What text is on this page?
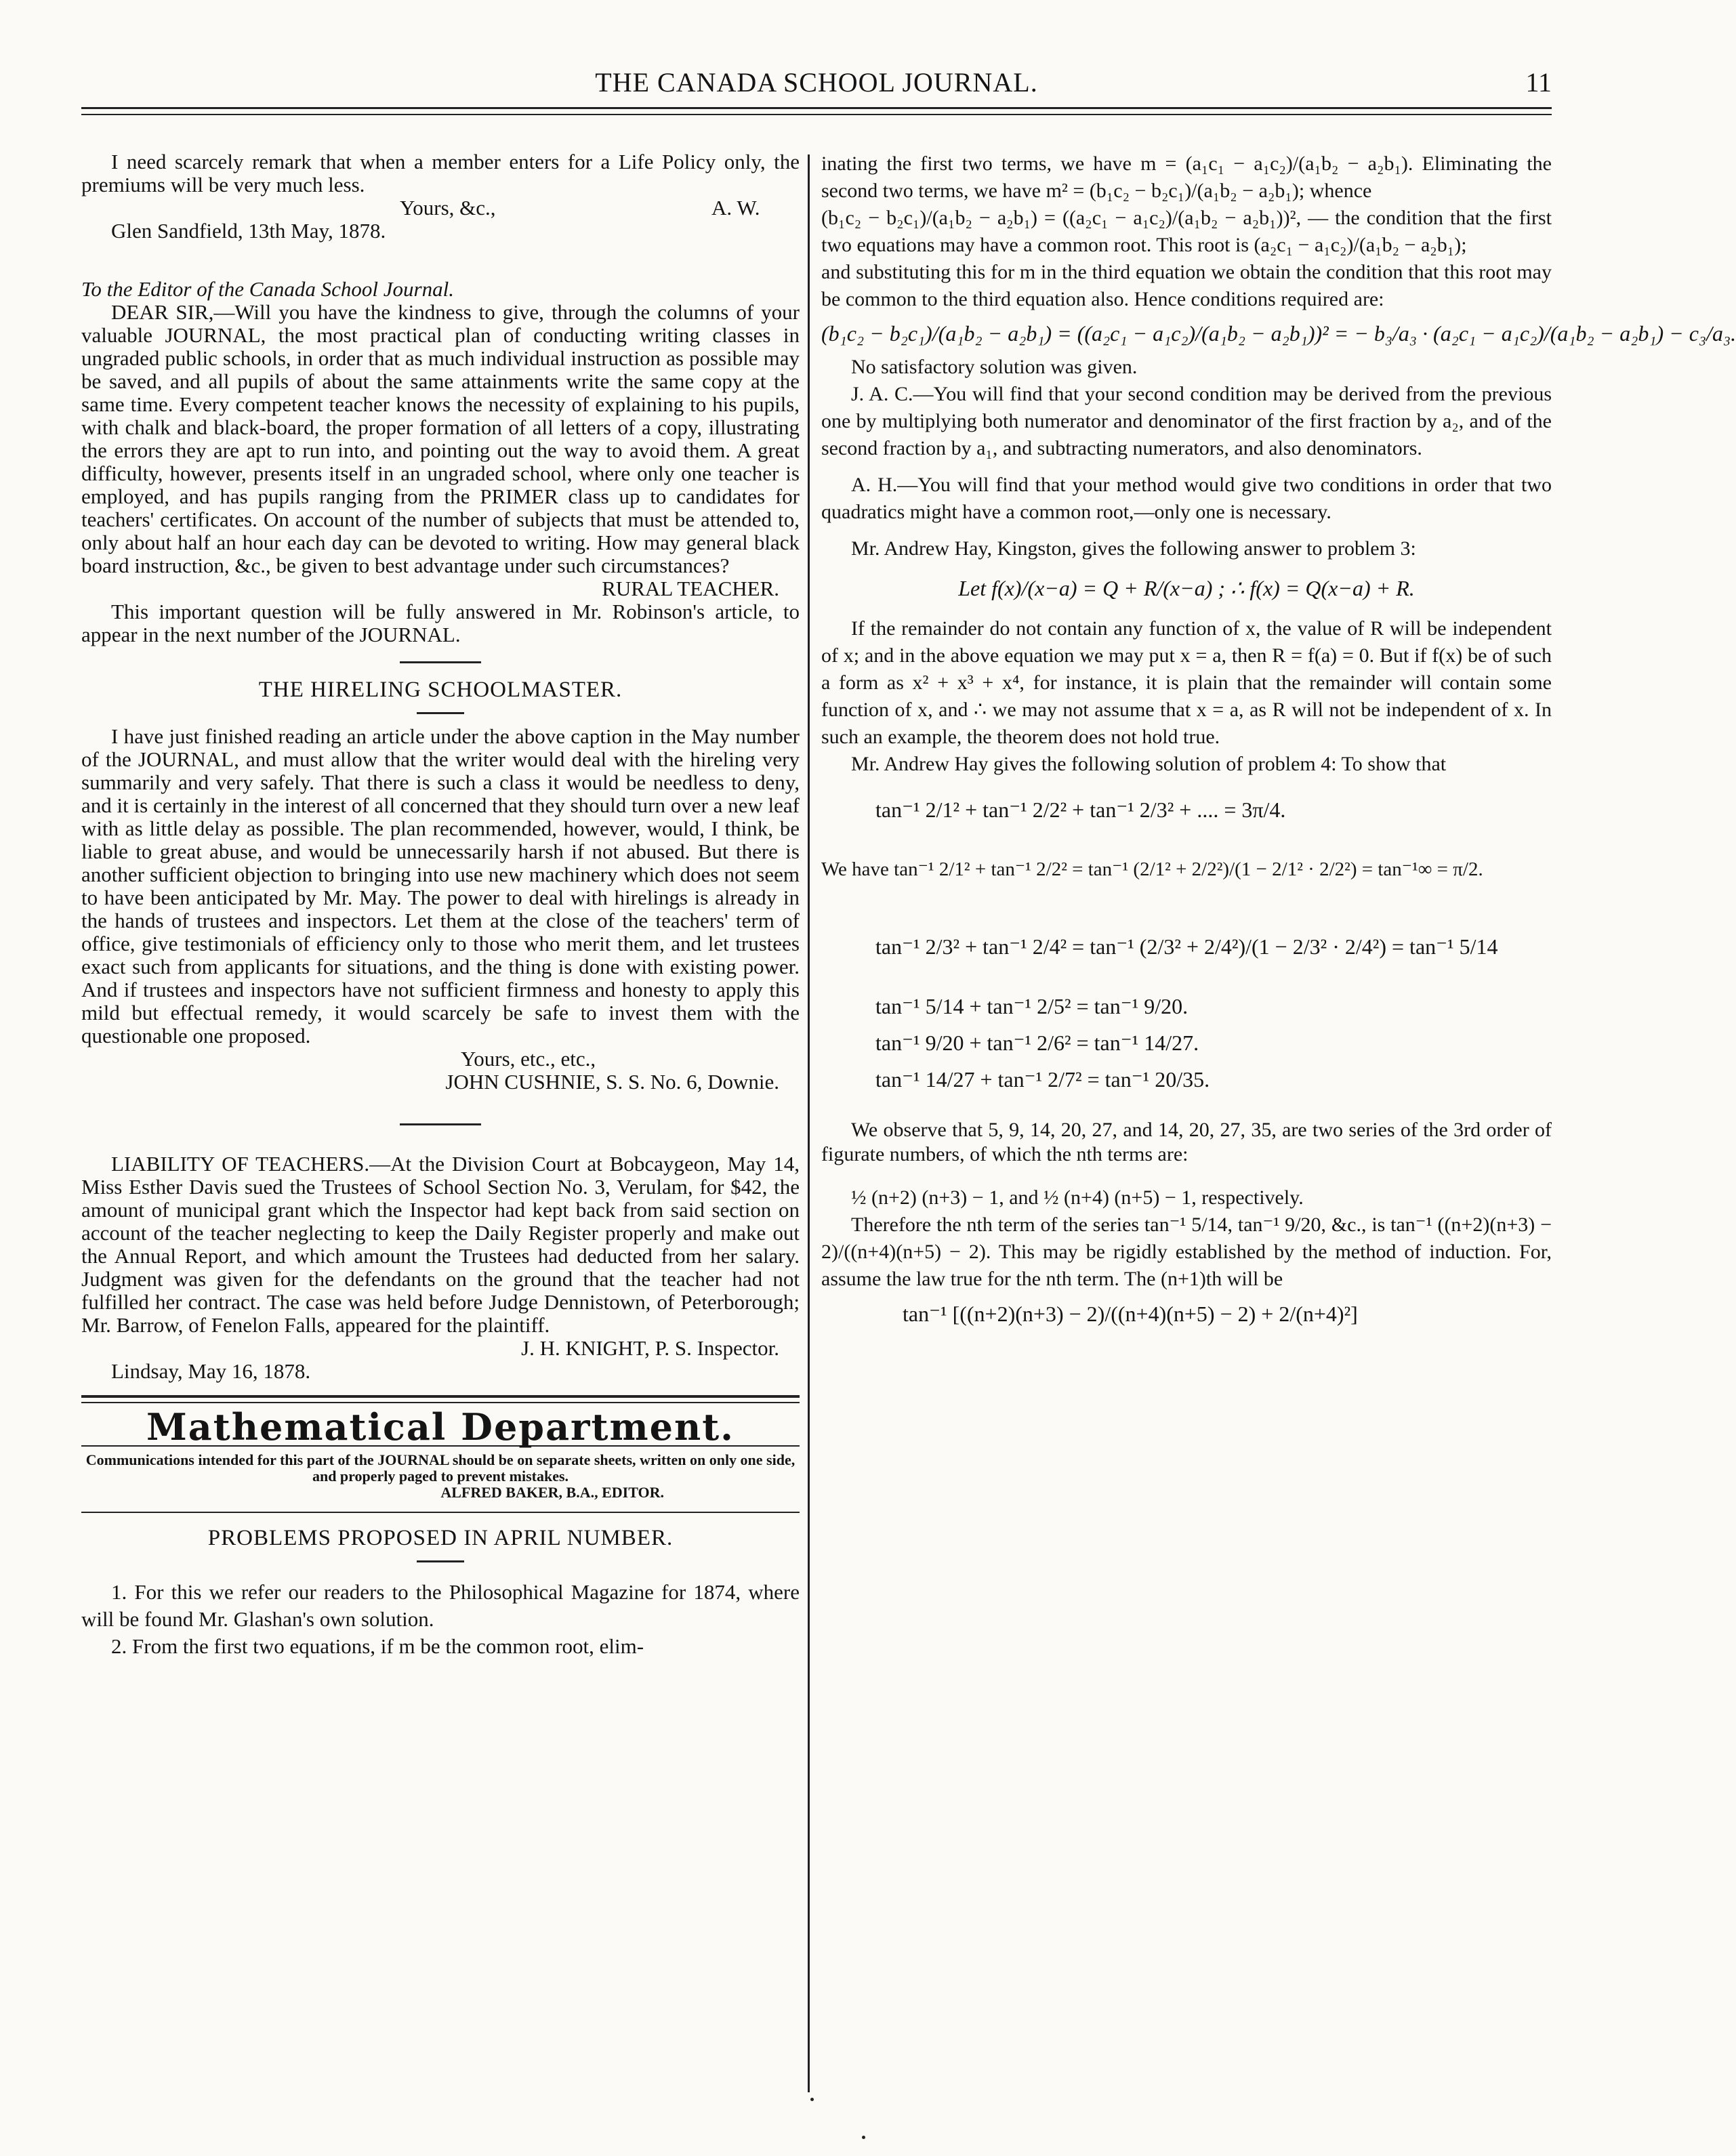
THE CANADA SCHOOL JOURNAL.	11

I need scarcely remark that when a member enters for a Life Policy only, the premiums will be very much less.

Yours, &c.,	A. W.

Glen Sandfield, 13th May, 1878.

To the Editor of the Canada School Journal.

DEAR SIR,—Will you have the kindness to give, through the columns of your valuable JOURNAL, the most practical plan of conducting writing classes in ungraded public schools, in order that as much individual instruction as possible may be saved, and all pupils of about the same attainments write the same copy at the same time. Every competent teacher knows the necessity of explaining to his pupils, with chalk and black-board, the proper formation of all letters of a copy, illustrating the errors they are apt to run into, and pointing out the way to avoid them. A great difficulty, however, presents itself in an ungraded school, where only one teacher is employed, and has pupils ranging from the PRIMER class up to candidates for teachers' certificates. On account of the number of subjects that must be attended to, only about half an hour each day can be devoted to writing. How may general black board instruction, &c., be given to best advantage under such circumstances?

RURAL TEACHER.

This important question will be fully answered in Mr. Robinson's article, to appear in the next number of the JOURNAL.

THE HIRELING SCHOOLMASTER.

I have just finished reading an article under the above caption in the May number of the JOURNAL, and must allow that the writer would deal with the hireling very summarily and very safely. That there is such a class it would be needless to deny, and it is certainly in the interest of all concerned that they should turn over a new leaf with as little delay as possible. The plan recommended, however, would, I think, be liable to great abuse, and would be unnecessarily harsh if not abused. But there is another sufficient objection to bringing into use new machinery which does not seem to have been anticipated by Mr. May. The power to deal with hirelings is already in the hands of trustees and inspectors. Let them at the close of the teachers' term of office, give testimonials of efficiency only to those who merit them, and let trustees exact such from applicants for situations, and the thing is done with existing power. And if trustees and inspectors have not sufficient firmness and honesty to apply this mild but effectual remedy, it would scarcely be safe to invest them with the questionable one proposed.

Yours, etc., etc.,

JOHN CUSHNIE, S. S. No. 6, Downie.

LIABILITY OF TEACHERS.—At the Division Court at Bobcaygeon, May 14, Miss Esther Davis sued the Trustees of School Section No. 3, Verulam, for $42, the amount of municipal grant which the Inspector had kept back from said section on account of the teacher neglecting to keep the Daily Register properly and make out the Annual Report, and which amount the Trustees had deducted from her salary. Judgment was given for the defendants on the ground that the teacher had not fulfilled her contract. The case was held before Judge Dennistown, of Peterborough; Mr. Barrow, of Fenelon Falls, appeared for the plaintiff.

J. H. KNIGHT, P. S. Inspector.

Lindsay, May 16, 1878.

Mathematical Department.

Communications intended for this part of the JOURNAL should be on separate sheets, written on only one side, and properly paged to prevent mistakes.

ALFRED BAKER, B.A., EDITOR.

PROBLEMS PROPOSED IN APRIL NUMBER.

1. For this we refer our readers to the Philosophical Magazine for 1874, where will be found Mr. Glashan's own solution.

2. From the first two equations, if m be the common root, elim-

inating the first two terms, we have m = (a₁c₁ − a₁c₂)/(a₁b₂ − a₂b₁). Eliminating the second two terms, we have m² = (b₁c₂ − b₂c₁)/(a₁b₂ − a₂b₁); whence

(b₁c₂ − b₂c₁)/(a₁b₂ − a₂b₁) = ((a₂c₁ − a₁c₂)/(a₁b₂ − a₂b₁))², — the condition that the first two equations may have a common root. This root is (a₂c₁ − a₁c₂)/(a₁b₂ − a₂b₁);

and substituting this for m in the third equation we obtain the condition that this root may be common to the third equation also. Hence conditions required are:

(b₁c₂ − b₂c₁)/(a₁b₂ − a₂b₁) = ((a₂c₁ − a₁c₂)/(a₁b₂ − a₂b₁))² = − b₃/a₃ · (a₂c₁ − a₁c₂)/(a₁b₂ − a₂b₁) − c₃/a₃.

No satisfactory solution was given.

J. A. C.—You will find that your second condition may be derived from the previous one by multiplying both numerator and denominator of the first fraction by a₂, and of the second fraction by a₁, and subtracting numerators, and also denominators.

A. H.—You will find that your method would give two conditions in order that two quadratics might have a common root,—only one is necessary.

Mr. Andrew Hay, Kingston, gives the following answer to problem 3:

Let f(x)/(x−a) = Q + R/(x−a) ; ∴ f(x) = Q(x−a) + R.

If the remainder do not contain any function of x, the value of R will be independent of x; and in the above equation we may put x = a, then R = f(a) = 0. But if f(x) be of such a form as x² + x³ + x⁴, for instance, it is plain that the remainder will contain some function of x, and ∴ we may not assume that x = a, as R will not be independent of x. In such an example, the theorem does not hold true.

Mr. Andrew Hay gives the following solution of problem 4: To show that

tan⁻¹ 2/1² + tan⁻¹ 2/2² + tan⁻¹ 2/3² + .... = 3π/4.

We have tan⁻¹ 2/1² + tan⁻¹ 2/2² = tan⁻¹ (2/1² + 2/2²)/(1 − 2/1² · 2/2²) = tan⁻¹∞ = π/2.

tan⁻¹ 2/3² + tan⁻¹ 2/4² = tan⁻¹ (2/3² + 2/4²)/(1 − 2/3² · 2/4²) = tan⁻¹ 5/14

tan⁻¹ 5/14 + tan⁻¹ 2/5² = tan⁻¹ 9/20.

tan⁻¹ 9/20 + tan⁻¹ 2/6² = tan⁻¹ 14/27.

tan⁻¹ 14/27 + tan⁻¹ 2/7² = tan⁻¹ 20/35.

We observe that 5, 9, 14, 20, 27, and 14, 20, 27, 35, are two series of the 3rd order of figurate numbers, of which the nth terms are:

½ (n+2) (n+3) − 1, and ½ (n+4) (n+5) − 1, respectively.

Therefore the nth term of the series tan⁻¹ 5/14, tan⁻¹ 9/20, &c., is tan⁻¹ ((n+2)(n+3) − 2)/((n+4)(n+5) − 2). This may be rigidly established by the method of induction. For, assume the law true for the nth term. The (n+1)th will be

tan⁻¹ [((n+2)(n+3) − 2)/((n+4)(n+5) − 2) + 2/(n+4)²]
